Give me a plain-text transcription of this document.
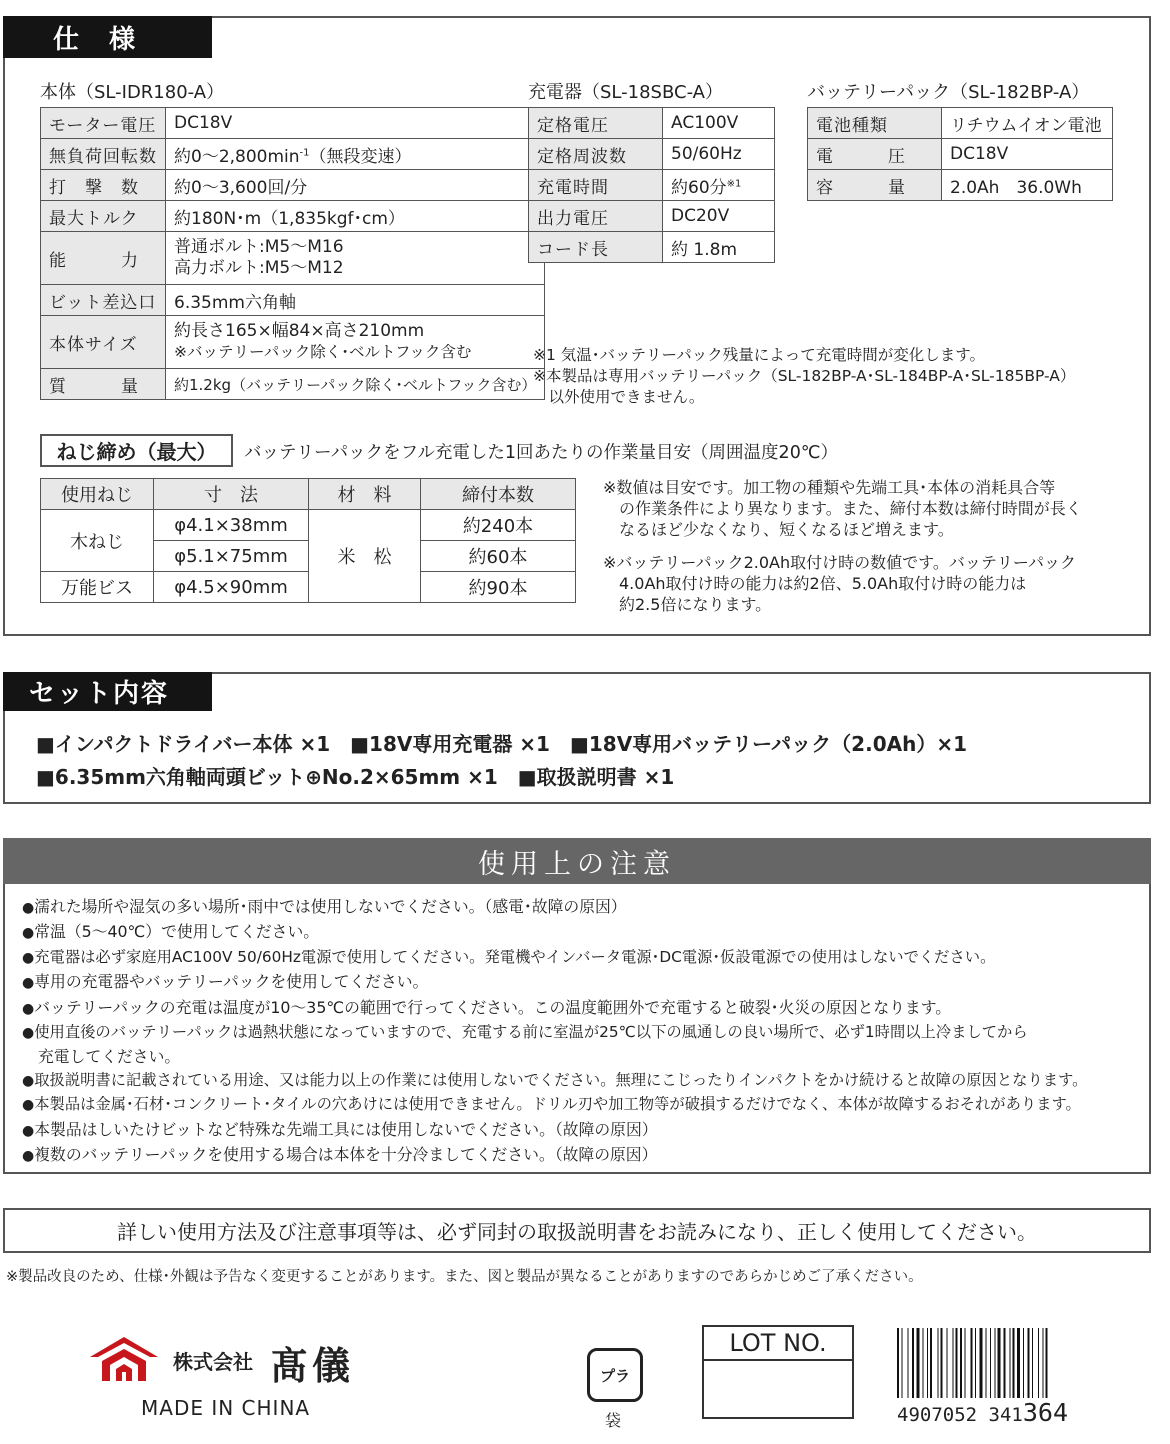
仕　様
本体（SL-IDR180-A）
モーター電圧	DC18V
無負荷回転数	約$0\sim 2,800\min^{-1}$（無段変速）
打　撃　数	約0～3,600回/分
最大トルク	約180N･m（1,835kgf･cm）
能　　　力	普通ボルト:M5～M16
高力ボルト:M5～M12

ビット差込口	6.35mm六角軸
本体サイズ	約長さ165×幅84×高さ210mm
※バッテリーパック除く･ベルトフック含む

質　　　量	約1.2kg（バッテリーパック除く･ベルトフック含む）
充電器（SL-18SBC-A）
定格電圧	AC100V
定格周波数	50/60Hz
充電時間	約60分$^{※1}$
出力電圧	DC20V
コード長	約 1.8m
バッテリーパック（SL-182BP-A）
電池種類	リチウムイオン電池
電　　　圧	DC18V
容　　　量	2.0Ah　36.0Wh
※1 気温･バッテリーパック残量によって充電時間が変化します。
※本製品は専用バッテリーパック（SL-182BP-A･SL-184BP-A･SL-185BP-A）
　以外使用できません。
ねじ締め（最大）	バッテリーパックをフル充電した1回あたりの作業量目安（周囲温度20℃）
使用ねじ	寸　法	材　料	締付本数
木ねじ	φ4.1×38mm	米　松	約240本
	φ5.1×75mm		約60本
万能ビス	φ4.5×90mm		約90本
※数値は目安です。加工物の種類や先端工具･本体の消耗具合等
　の作業条件により異なります。また、締付本数は締付時間が長く
　なるほど少なくなり、短くなるほど増えます。
※バッテリーパック2.0Ah取付け時の数値です。バッテリーパック
　4.0Ah取付け時の能力は約2倍、5.0Ah取付け時の能力は
　約2.5倍になります。
セット内容
■インパクトドライバー本体 ×1　■18V専用充電器 ×1　■18V専用バッテリーパック（2.0Ah）×1
■6.35mm六角軸両頭ビット⊕No.2×65mm ×1　■取扱説明書 ×1
使用上の注意
●濡れた場所や湿気の多い場所･雨中では使用しないでください。（感電･故障の原因）
●常温（5～40℃）で使用してください。
●充電器は必ず家庭用AC100V 50/60Hz電源で使用してください。発電機やインバータ電源･DC電源･仮設電源での使用はしないでください。
●専用の充電器やバッテリーパックを使用してください。
●バッテリーパックの充電は温度が10～35℃の範囲で行ってください。この温度範囲外で充電すると破裂･火災の原因となります。
●使用直後のバッテリーパックは過熱状態になっていますので、充電する前に室温が25℃以下の風通しの良い場所で、必ず1時間以上冷ましてから
充電してください。
●取扱説明書に記載されている用途、又は能力以上の作業には使用しないでください。無理にこじったりインパクトをかけ続けると故障の原因となります。
●本製品は金属･石材･コンクリート･タイルの穴あけには使用できません。ドリル刃や加工物等が破損するだけでなく、本体が故障するおそれがあります。
●本製品はしいたけビットなど特殊な先端工具には使用しないでください。（故障の原因）
●複数のバッテリーパックを使用する場合は本体を十分冷ましてください。（故障の原因）
詳しい使用方法及び注意事項等は、必ず同封の取扱説明書をお読みになり、正しく使用してください。
※製品改良のため、仕様･外観は予告なく変更することがあります。また、図と製品が異なることがありますのであらかじめご了承ください。
株式会社 髙儀
MADE IN CHINA
プラ
袋
LOT NO.
4907052 341364
